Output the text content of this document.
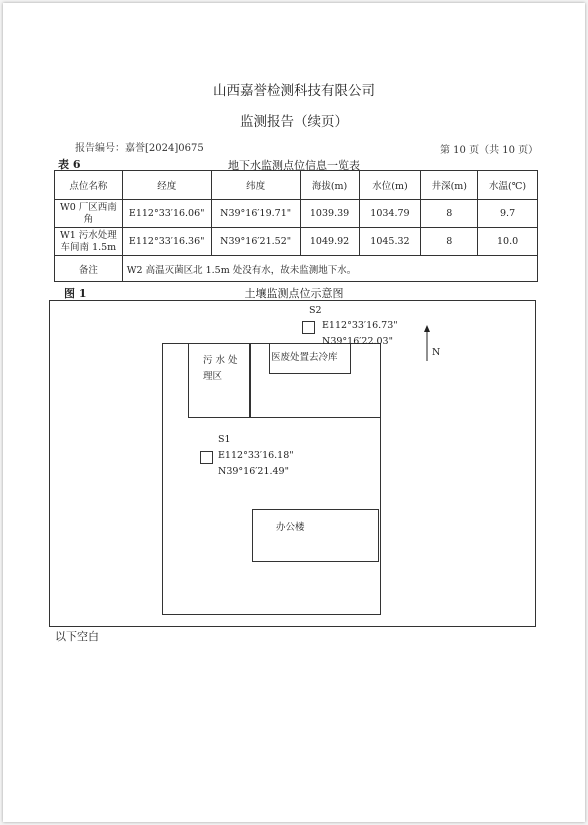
山西嘉誉检测科技有限公司
监测报告（续页）
报告编号：嘉誉[2024]0675	第 10 页（共 10 页）
表 6	地下水监测点位信息一览表
点位名称	经度	纬度	海拔(m)	水位(m)	井深(m)	水温(℃)
W0 厂区西南
角	E112°33′16.06"	N39°16′19.71"	1039.39	1034.79	8	9.7
W1 污水处理
车间南 1.5m	E112°33′16.36"	N39°16′21.52"	1049.92	1045.32	8	10.0
备注	W2 高温灭菌区北 1.5m 处没有水，故未监测地下水。					
图 1	土壤监测点位示意图
污 水 处
理区
医废处置去冷库
办公楼
S2
E112°33′16.73"
N39°16′22.03"
S1
E112°33′16.18"
N39°16′21.49"
N
以下空白
